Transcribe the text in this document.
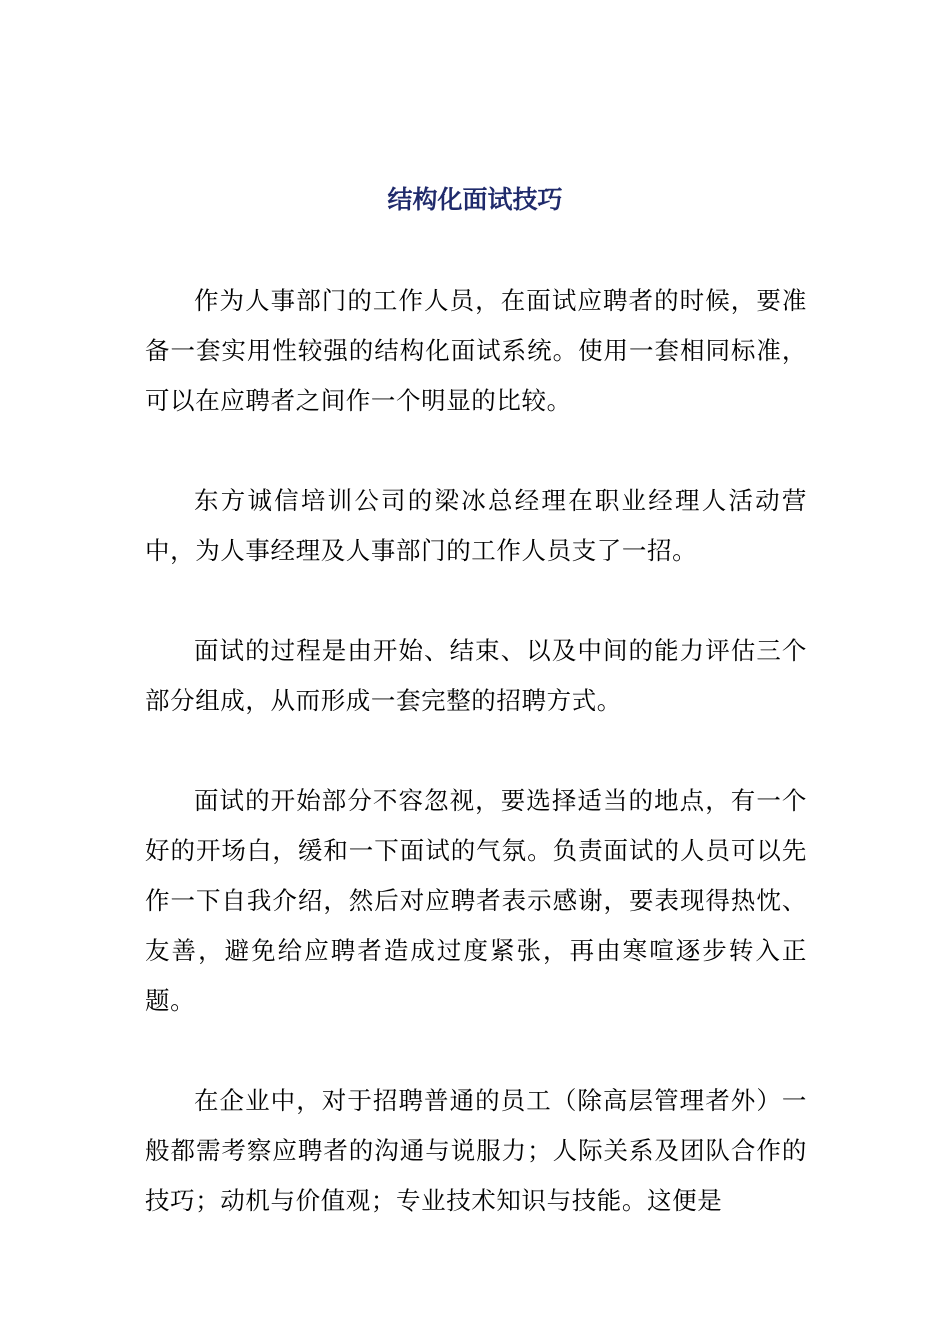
结构化面试技巧

作为人事部门的工作人员，在面试应聘者的时候，要准备一套实用性较强的结构化面试系统。使用一套相同标准，可以在应聘者之间作一个明显的比较。

东方诚信培训公司的梁冰总经理在职业经理人活动营中，为人事经理及人事部门的工作人员支了一招。

面试的过程是由开始、结束、以及中间的能力评估三个部分组成，从而形成一套完整的招聘方式。

面试的开始部分不容忽视，要选择适当的地点，有一个好的开场白，缓和一下面试的气氛。负责面试的人员可以先作一下自我介绍，然后对应聘者表示感谢，要表现得热忱、友善，避免给应聘者造成过度紧张，再由寒喧逐步转入正题。

在企业中，对于招聘普通的员工（除高层管理者外）一般都需考察应聘者的沟通与说服力；人际关系及团队合作的技巧；动机与价值观；专业技术知识与技能。这便是
